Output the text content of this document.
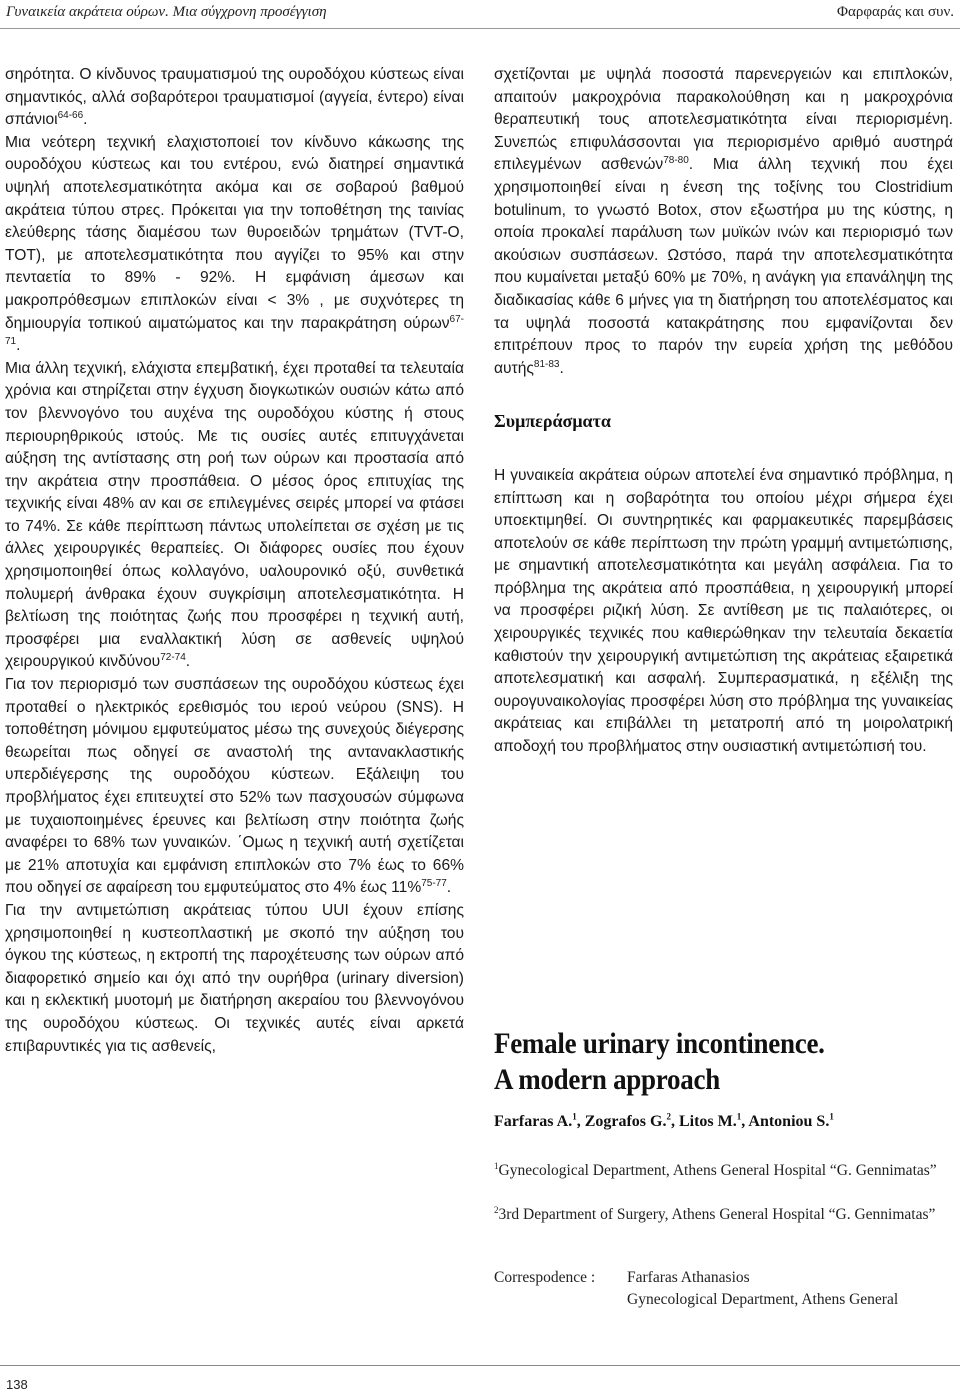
Γυναικεία ακράτεια ούρων. Μια σύγχρονη προσέγγιση	Φαρφαράς και συν.

σηρότητα. Ο κίνδυνος τραυματισμού της ουροδόχου κύστεως είναι σημαντικός, αλλά σοβαρότεροι τραυματισμοί (αγγεία, έντερο) είναι σπάνιοι$^{64-66}$.

Μια νεότερη τεχνική ελαχιστοποιεί τον κίνδυνο κάκωσης της ουροδόχου κύστεως και του εντέρου, ενώ διατηρεί σημαντικά υψηλή αποτελεσματικότητα ακόμα και σε σοβαρού βαθμού ακράτεια τύπου στρες. Πρόκειται για την τοποθέτηση της ταινίας ελεύθερης τάσης διαμέσου των θυροειδών τρημάτων (TVT-O, TOT), με αποτελεσματικότητα που αγγίζει το 95% και στην πενταετία το 89% - 92%. Η εμφάνιση άμεσων και μακροπρόθεσμων επιπλοκών είναι < 3% , με συχνότερες τη δημιουργία τοπικού αιματώματος και την παρακράτηση ούρων$^{67-71}$.

Μια άλλη τεχνική, ελάχιστα επεμβατική, έχει προταθεί τα τελευταία χρόνια και στηρίζεται στην έγχυση διογκωτικών ουσιών κάτω από τον βλεννογόνο του αυχένα της ουροδόχου κύστης ή στους περιουρηθρικούς ιστούς. Με τις ουσίες αυτές επιτυγχάνεται αύξηση της αντίστασης στη ροή των ούρων και προστασία από την ακράτεια στην προσπάθεια. Ο μέσος όρος επιτυχίας της τεχνικής είναι 48% αν και σε επιλεγμένες σειρές μπορεί να φτάσει το 74%. Σε κάθε περίπτωση πάντως υπολείπεται σε σχέση με τις άλλες χειρουργικές θεραπείες. Οι διάφορες ουσίες που έχουν χρησιμοποιηθεί όπως κολλαγόνο, υαλουρονικό οξύ, συνθετικά πολυμερή άνθρακα έχουν συγκρίσιμη αποτελεσματικότητα. Η βελτίωση της ποιότητας ζωής που προσφέρει η τεχνική αυτή, προσφέρει μια εναλλακτική λύση σε ασθενείς υψηλού χειρουργικού κινδύνου$^{72-74}$.

Για τον περιορισμό των συσπάσεων της ουροδόχου κύστεως έχει προταθεί ο ηλεκτρικός ερεθισμός του ιερού νεύρου (SNS). Η τοποθέτηση μόνιμου εμφυτεύματος μέσω της συνεχούς διέγερσης θεωρείται πως οδηγεί σε αναστολή της αντανακλαστικής υπερδιέγερσης της ουροδόχου κύστεων. Εξάλειψη του προβλήματος έχει επιτευχτεί στο 52% των πασχουσών σύμφωνα με τυχαιοποιημένες έρευνες και βελτίωση στην ποιότητα ζωής αναφέρει το 68% των γυναικών. ΄Ομως η τεχνική αυτή σχετίζεται με 21% αποτυχία και εμφάνιση επιπλοκών στο 7% έως το 66% που οδηγεί σε αφαίρεση του εμφυτεύματος στο 4% έως 11%$^{75-77}$.

Για την αντιμετώπιση ακράτειας τύπου UUI έχουν επίσης χρησιμοποιηθεί η κυστεοπλαστική με σκοπό την αύξηση του όγκου της κύστεως, η εκτροπή της παροχέτευσης των ούρων από διαφορετικό σημείο και όχι από την ουρήθρα (urinary diversion) και η εκλεκτική μυοτομή με διατήρηση ακεραίου του βλεννογόνου της ουροδόχου κύστεως. Οι τεχνικές αυτές είναι αρκετά επιβαρυντικές για τις ασθενείς,

σχετίζονται με υψηλά ποσοστά παρενεργειών και επιπλοκών, απαιτούν μακροχρόνια παρακολούθηση και η μακροχρόνια θεραπευτική τους αποτελεσματικότητα είναι περιορισμένη. Συνεπώς επιφυλάσσονται για περιορισμένο αριθμό αυστηρά επιλεγμένων ασθενών$^{78-80}$. Μια άλλη τεχνική που έχει χρησιμοποιηθεί είναι η ένεση της τοξίνης του Clostridium botulinum, το γνωστό Botox, στον εξωστήρα μυ της κύστης, η οποία προκαλεί παράλυση των μυϊκών ινών και περιορισμό των ακούσιων συσπάσεων. Ωστόσο, παρά την αποτελεσματικότητα που κυμαίνεται μεταξύ 60% με 70%, η ανάγκη για επανάληψη της διαδικασίας κάθε 6 μήνες για τη διατήρηση του αποτελέσματος και τα υψηλά ποσοστά κατακράτησης που εμφανίζονται δεν επιτρέπουν προς το παρόν την ευρεία χρήση της μεθόδου αυτής$^{81-83}$.

Συμπεράσματα

Η γυναικεία ακράτεια ούρων αποτελεί ένα σημαντικό πρόβλημα, η επίπτωση και η σοβαρότητα του οποίου μέχρι σήμερα έχει υποεκτιμηθεί. Οι συντηρητικές και φαρμακευτικές παρεμβάσεις αποτελούν σε κάθε περίπτωση την πρώτη γραμμή αντιμετώπισης, με σημαντική αποτελεσματικότητα και μεγάλη ασφάλεια. Για το πρόβλημα της ακράτεια από προσπάθεια, η χειρουργική μπορεί να προσφέρει ριζική λύση. Σε αντίθεση με τις παλαιότερες, οι χειρουργικές τεχνικές που καθιερώθηκαν την τελευταία δεκαετία καθιστούν την χειρουργική αντιμετώπιση της ακράτειας εξαιρετικά αποτελεσματική και ασφαλή. Συμπερασματικά, η εξέλιξη της ουρογυναικολογίας προσφέρει λύση στο πρόβλημα της γυναικείας ακράτειας και επιβάλλει τη μετατροπή από τη μοιρολατρική αποδοχή του προβλήματος στην ουσιαστική αντιμετώπισή του.

Female urinary incontinence.
A modern approach
Farfaras A.$^1$, Zografos G.$^2$, Litos M.$^1$, Antoniou S.$^1$
$^1$Gynecological Department, Athens General Hospital “G. Gennimatas”
$^2$3rd Department of Surgery, Athens General Hospital “G. Gennimatas”
Correspodence : Farfaras Athanasios
Gynecological Department, Athens General
138
